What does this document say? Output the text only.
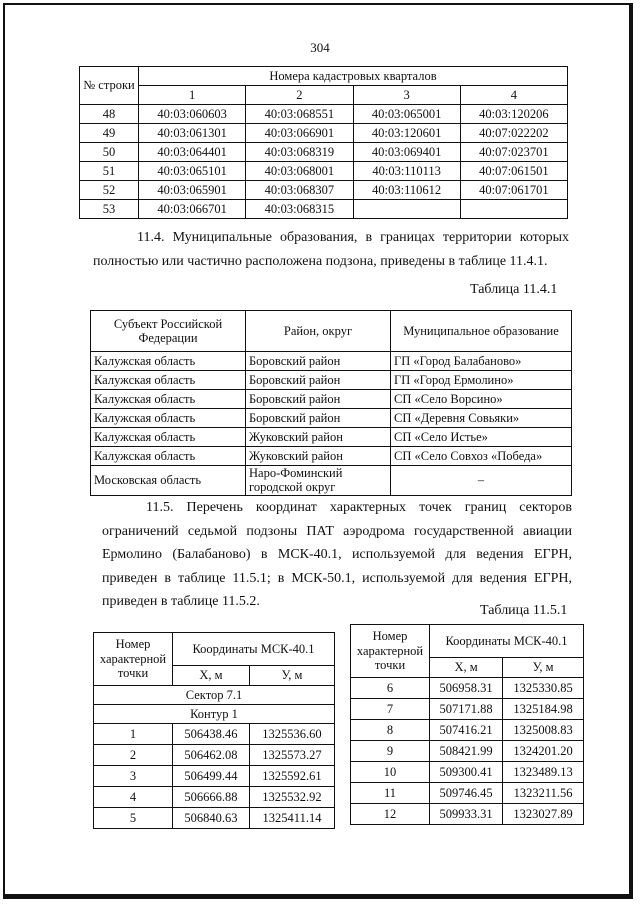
304
№ строки	Номера кадастровых кварталов			
	1	2	3	4
48	40:03:060603	40:03:068551	40:03:065001	40:03:120206
49	40:03:061301	40:03:066901	40:03:120601	40:07:022202
50	40:03:064401	40:03:068319	40:03:069401	40:07:023701
51	40:03:065101	40:03:068001	40:03:110113	40:07:061501
52	40:03:065901	40:03:068307	40:03:110612	40:07:061701
53	40:03:066701	40:03:068315		
11.4. Муниципальные образования, в границах территории которых полностью или частично расположена подзона, приведены в таблице 11.4.1.
Таблица 11.4.1
Субъект Российской Федерации	Район, округ	Муниципальное образование
Калужская область	Боровский район	ГП «Город Балабаново»
Калужская область	Боровский район	ГП «Город Ермолино»
Калужская область	Боровский район	СП «Село Ворсино»
Калужская область	Боровский район	СП «Деревня Совьяки»
Калужская область	Жуковский район	СП «Село Истье»
Калужская область	Жуковский район	СП «Село Совхоз «Победа»
Московская область	Наро-Фоминский городской округ	–
11.5. Перечень координат характерных точек границ секторов ограничений седьмой подзоны ПАТ аэродрома государственной авиации Ермолино (Балабаново) в МСК-40.1, используемой для ведения ЕГРН, приведен в таблице 11.5.1; в МСК-50.1, используемой для ведения ЕГРН, приведен в таблице 11.5.2.
Таблица 11.5.1
Номер характерной точки	Координаты МСК-40.1	
	X, м	У, м
Сектор 7.1		
Контур 1		
1	506438.46	1325536.60
2	506462.08	1325573.27
3	506499.44	1325592.61
4	506666.88	1325532.92
5	506840.63	1325411.14
Номер характерной точки	Координаты МСК-40.1	
	X, м	У, м
6	506958.31	1325330.85
7	507171.88	1325184.98
8	507416.21	1325008.83
9	508421.99	1324201.20
10	509300.41	1323489.13
11	509746.45	1323211.56
12	509933.31	1323027.89
